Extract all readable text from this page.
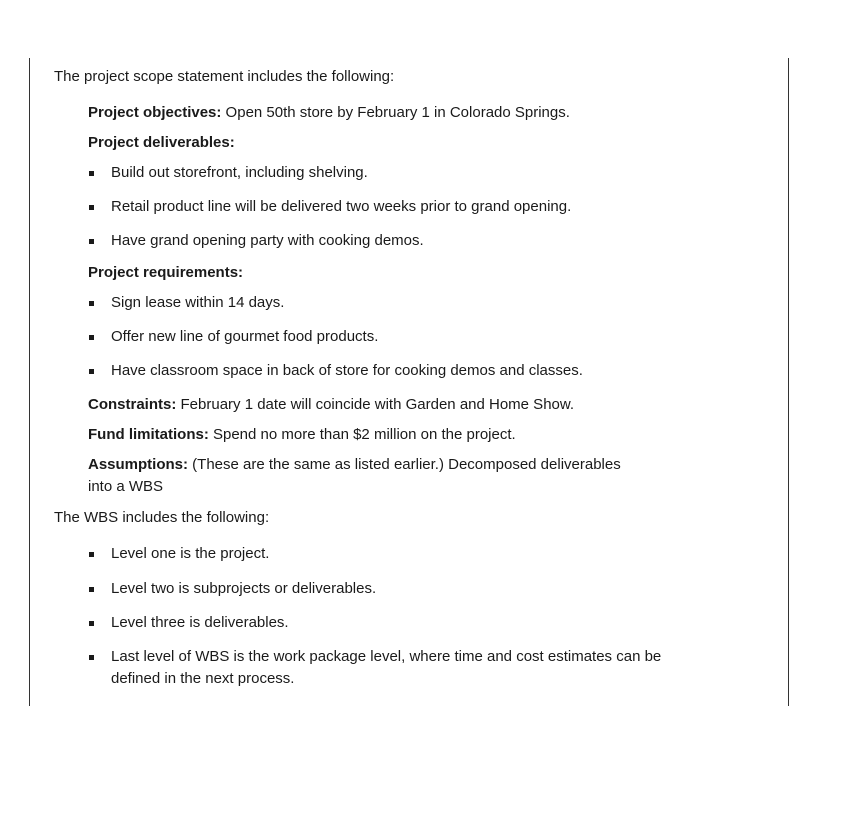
The project scope statement includes the following:
Project objectives: Open 50th store by February 1 in Colorado Springs.
Project deliverables:
Build out storefront, including shelving.
Retail product line will be delivered two weeks prior to grand opening.
Have grand opening party with cooking demos.
Project requirements:
Sign lease within 14 days.
Offer new line of gourmet food products.
Have classroom space in back of store for cooking demos and classes.
Constraints: February 1 date will coincide with Garden and Home Show.
Fund limitations: Spend no more than $2 million on the project.
Assumptions: (These are the same as listed earlier.) Decomposed deliverables
into a WBS
The WBS includes the following:
Level one is the project.
Level two is subprojects or deliverables.
Level three is deliverables.
Last level of WBS is the work package level, where time and cost estimates can be
defined in the next process.
